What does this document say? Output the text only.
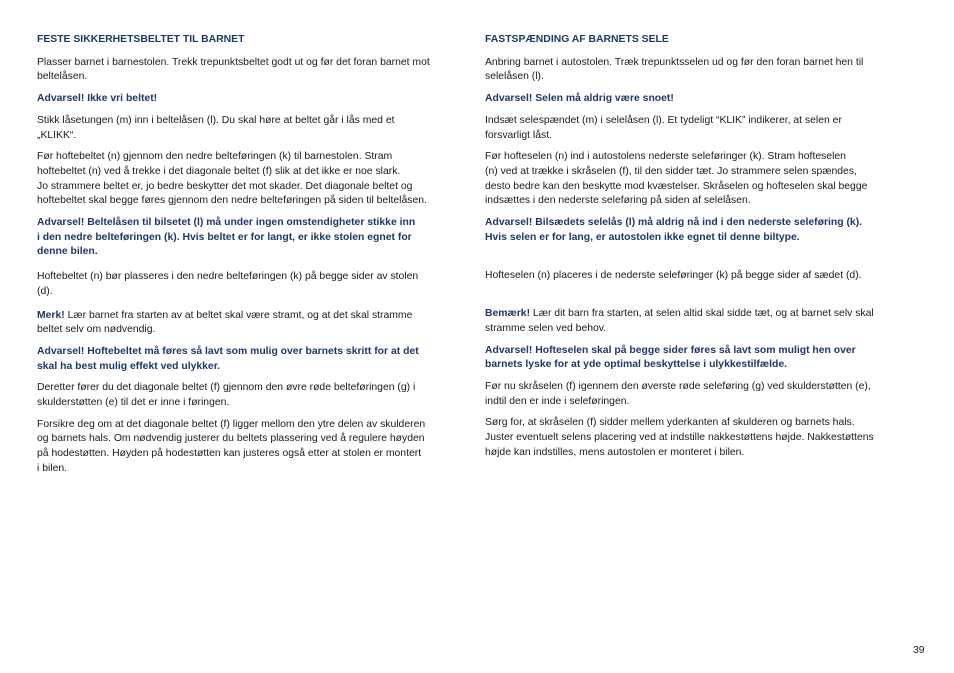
FESTE SIKKERHETSBELTET TIL BARNET
Plasser barnet i barnestolen. Trekk trepunktsbeltet godt ut og før det foran barnet mot
beltelåsen.
Advarsel! Ikke vri beltet!
Stikk låsetungen (m) inn i beltelåsen (l). Du skal høre at beltet går i lås med et
„KLIKK“.
Før hoftebeltet (n) gjennom den nedre belteføringen (k) til barnestolen. Stram
hoftebeltet (n) ved å trekke i det diagonale beltet (f) slik at det ikke er noe slark.
Jo strammere beltet er, jo bedre beskytter det mot skader. Det diagonale beltet og
hoftebeltet skal begge føres gjennom den nedre belteføringen på siden til beltelåsen.
Advarsel! Beltelåsen til bilsetet (l) må under ingen omstendigheter stikke inn
i den nedre belteføringen (k). Hvis beltet er for langt, er ikke stolen egnet for
denne bilen.
Hoftebeltet (n) bør plasseres i den nedre belteføringen (k) på begge sider av stolen
(d).
Merk! Lær barnet fra starten av at beltet skal være stramt, og at det skal stramme
beltet selv om nødvendig.
Advarsel! Hoftebeltet må føres så lavt som mulig over barnets skritt for at det
skal ha best mulig effekt ved ulykker.
Deretter fører du det diagonale beltet (f) gjennom den øvre røde belteføringen (g) i
skulderstøtten (e) til det er inne i føringen.
Forsikre deg om at det diagonale beltet (f) ligger mellom den ytre delen av skulderen
og barnets hals. Om nødvendig justerer du beltets plassering ved å regulere høyden
på hodestøtten. Høyden på hodestøtten kan justeres også etter at stolen er montert
i bilen.
FASTSPÆNDING AF BARNETS SELE
Anbring barnet i autostolen. Træk trepunktsselen ud og før den foran barnet hen til
selelåsen (l).
Advarsel! Selen må aldrig være snoet!
Indsæt selespændet (m) i selelåsen (l). Et tydeligt “KLIK” indikerer, at selen er
forsvarligt låst.
Før hofteselen (n) ind i autostolens nederste seleføringer (k). Stram hofteselen
(n) ved at trække i skråselen (f), til den sidder tæt. Jo strammere selen spændes,
desto bedre kan den beskytte mod kvæstelser. Skråselen og hofteselen skal begge
indsættes i den nederste seleføring på siden af selelåsen.
Advarsel! Bilsædets selelås (l) må aldrig nå ind i den nederste seleføring (k).
Hvis selen er for lang, er autostolen ikke egnet til denne biltype.
Hofteselen (n) placeres i de nederste seleføringer (k) på begge sider af sædet (d).
Bemærk! Lær dit barn fra starten, at selen altid skal sidde tæt, og at barnet selv skal
stramme selen ved behov.
Advarsel! Hofteselen skal på begge sider føres så lavt som muligt hen over
barnets lyske for at yde optimal beskyttelse i ulykkestilfælde.
Før nu skråselen (f) igennem den øverste røde seleføring (g) ved skulderstøtten (e),
indtil den er inde i seleføringen.
Sørg for, at skråselen (f) sidder mellem yderkanten af skulderen og barnets hals.
Juster eventuelt selens placering ved at indstille nakkestøttens højde. Nakkestøttens
højde kan indstilles, mens autostolen er monteret i bilen.
39
